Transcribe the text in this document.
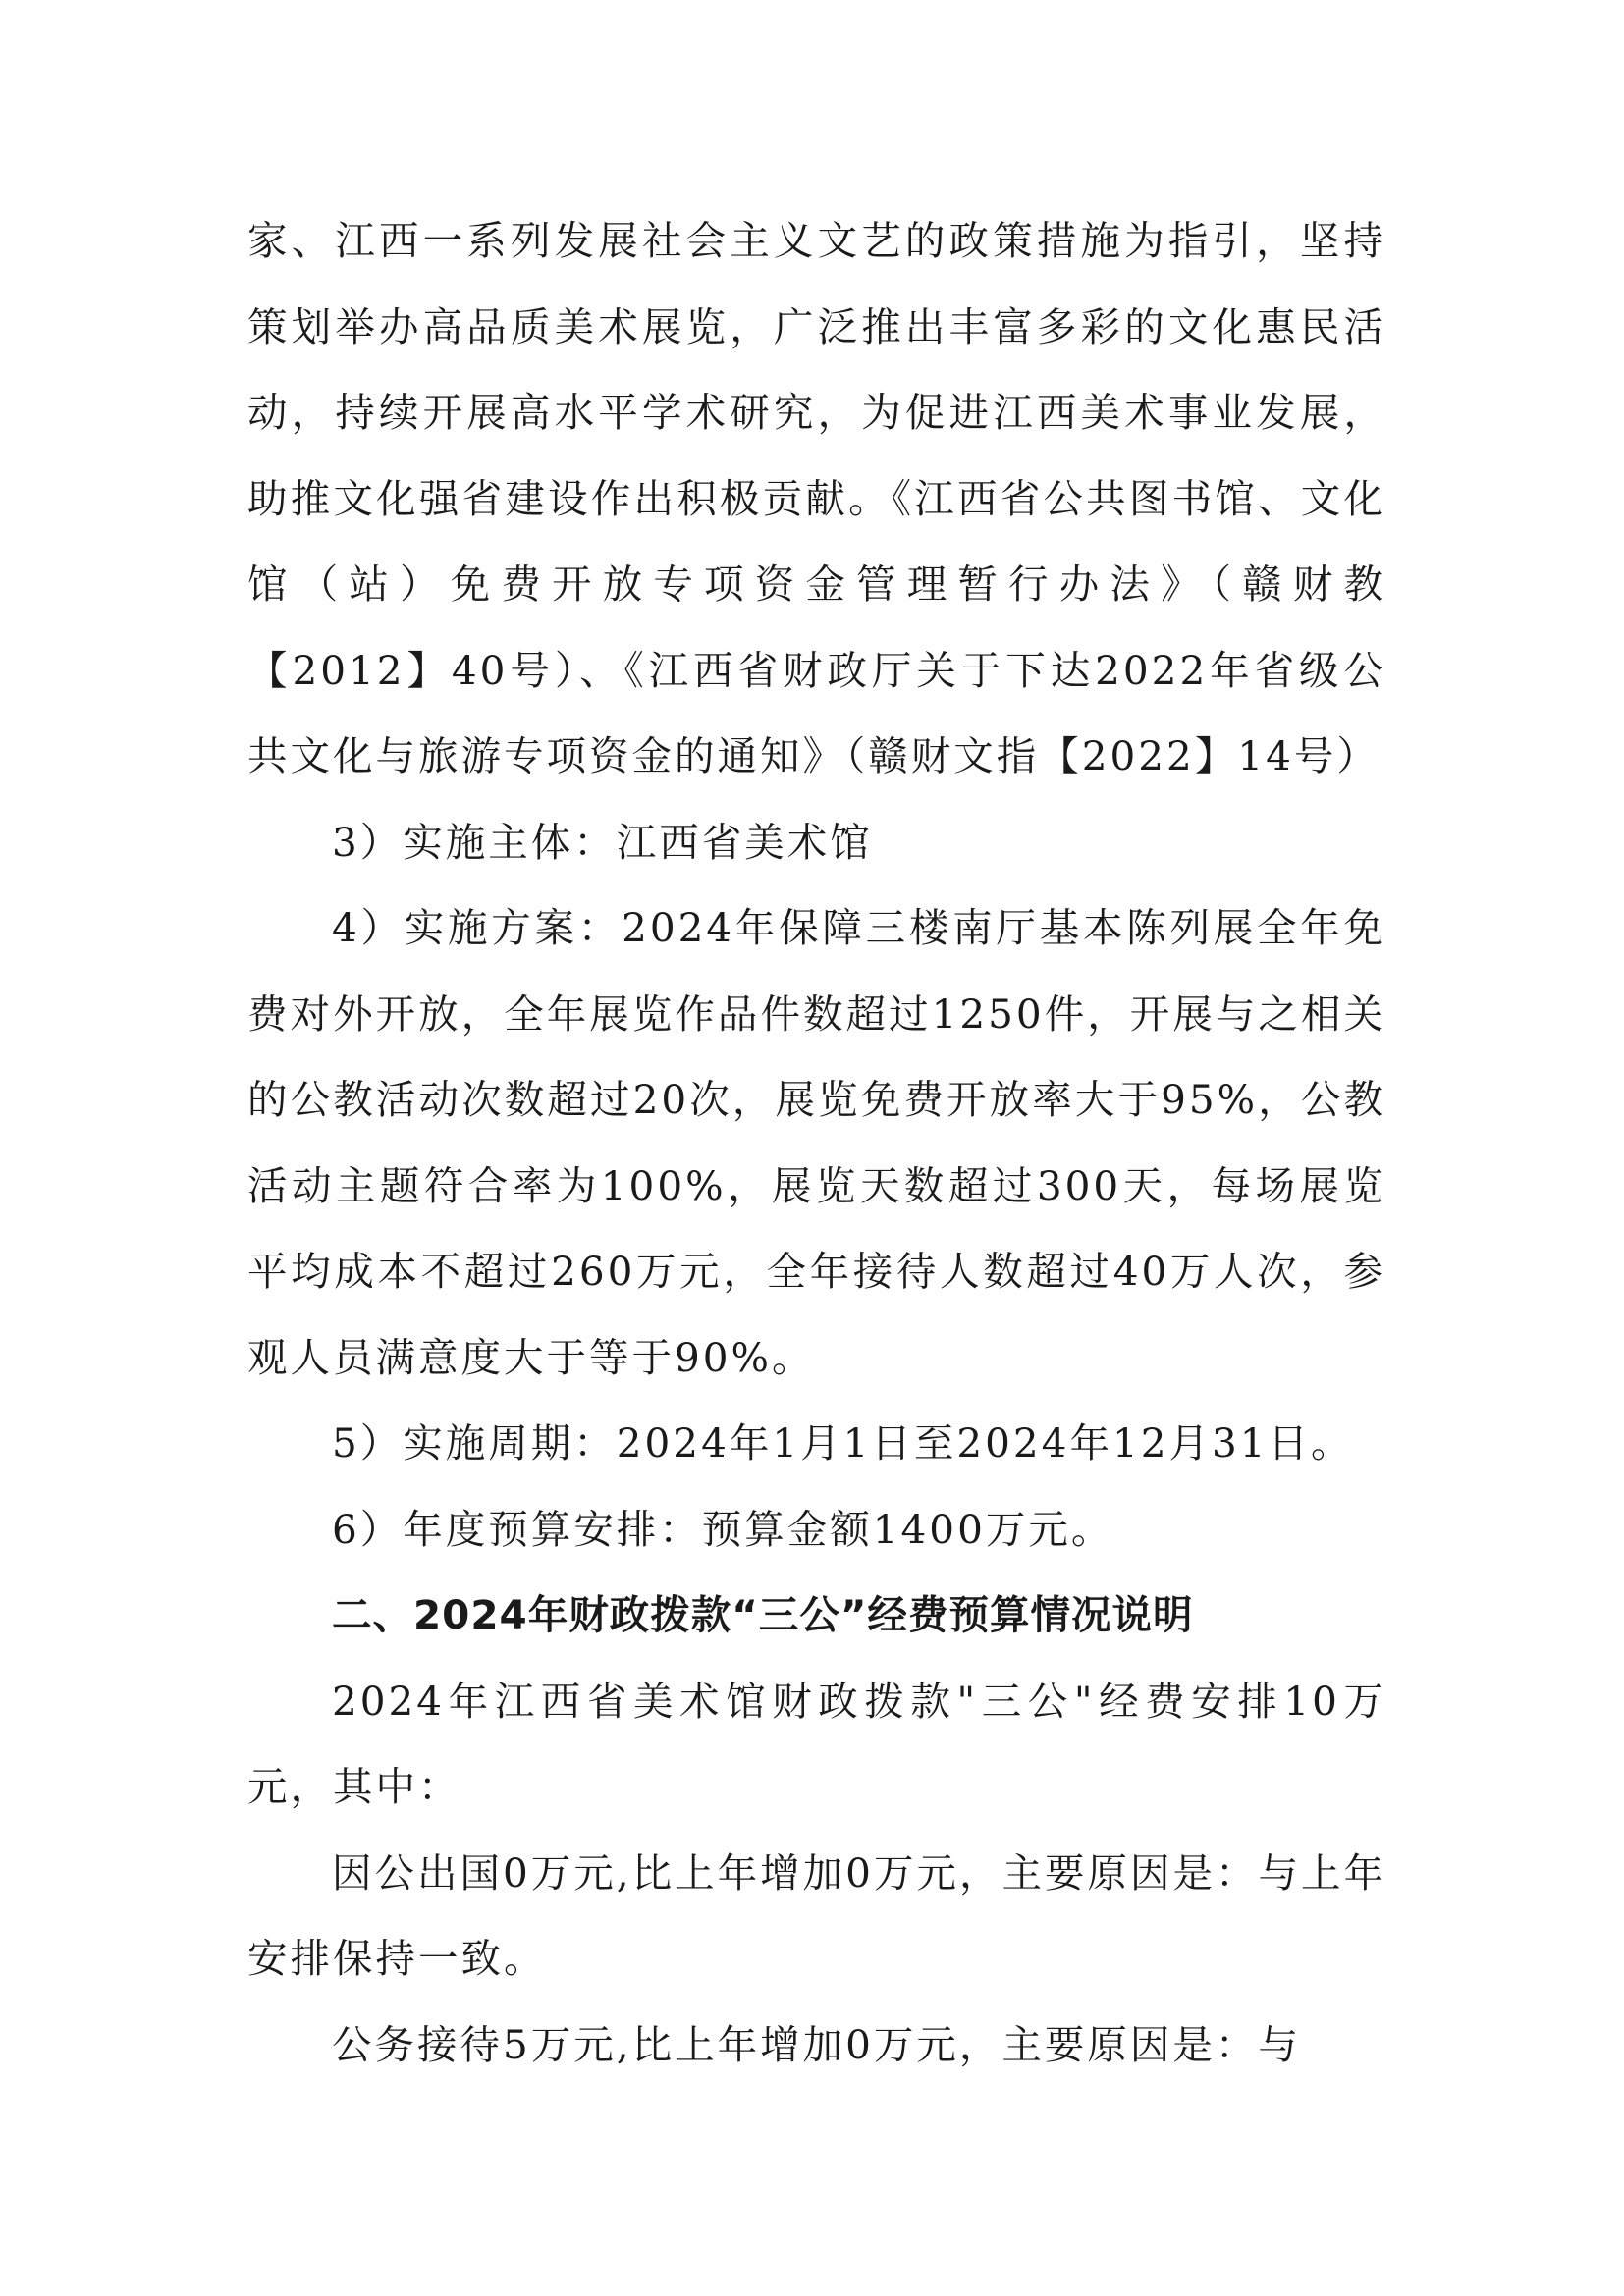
家、江西一系列发展社会主义文艺的政策措施为指引，坚持策划举办高品质美术展览，广泛推出丰富多彩的文化惠民活动，持续开展高水平学术研究，为促进江西美术事业发展，助推文化强省建设作出积极贡献。《江西省公共图书馆、文化馆（站）免费开放专项资金管理暂行办法》（赣财教【2012】40号）、《江西省财政厅关于下达2022年省级公共文化与旅游专项资金的通知》（赣财文指【2022】14号）

3）实施主体：江西省美术馆

4）实施方案：2024年保障三楼南厅基本陈列展全年免费对外开放，全年展览作品件数超过1250件，开展与之相关的公教活动次数超过20次，展览免费开放率大于95%，公教活动主题符合率为100%，展览天数超过300天，每场展览平均成本不超过260万元，全年接待人数超过40万人次，参观人员满意度大于等于90%。

5）实施周期：2024年1月1日至2024年12月31日。

6）年度预算安排：预算金额1400万元。

二、2024年财政拨款“三公”经费预算情况说明

2024年江西省美术馆财政拨款"三公"经费安排10万元，其中：

因公出国0万元,比上年增加0万元，主要原因是：与上年安排保持一致。

公务接待5万元,比上年增加0万元，主要原因是：与
